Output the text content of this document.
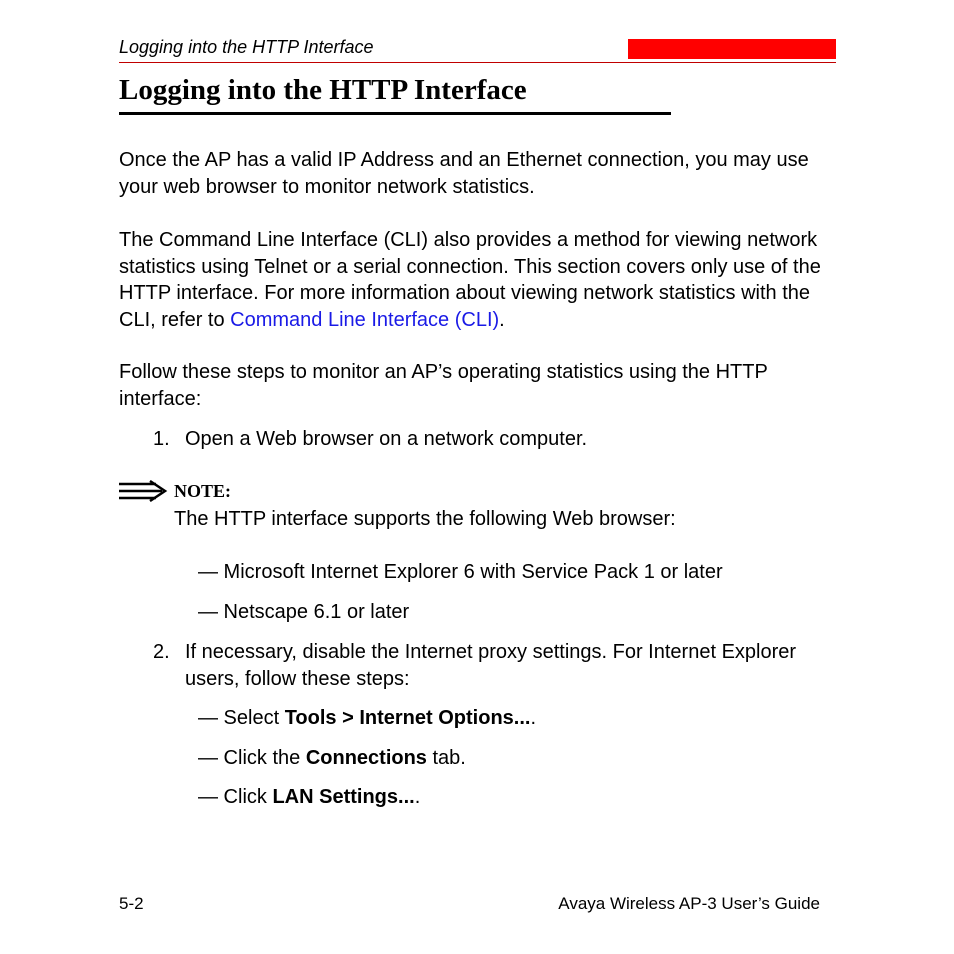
Logging into the HTTP Interface
Logging into the HTTP Interface

Once the AP has a valid IP Address and an Ethernet connection, you may use your web browser to monitor network statistics.

The Command Line Interface (CLI) also provides a method for viewing network statistics using Telnet or a serial connection. This section covers only use of the HTTP interface. For more information about viewing network statistics with the CLI, refer to Command Line Interface (CLI).

Follow these steps to monitor an AP’s operating statistics using the HTTP interface:

1. Open a Web browser on a network computer.
NOTE:

The HTTP interface supports the following Web browser:

— Microsoft Internet Explorer 6 with Service Pack 1 or later

— Netscape 6.1 or later

2. If necessary, disable the Internet proxy settings. For Internet Explorer users, follow these steps:

— Select Tools > Internet Options....

— Click the Connections tab.

— Click LAN Settings....

5-2	Avaya Wireless AP-3 User’s Guide
